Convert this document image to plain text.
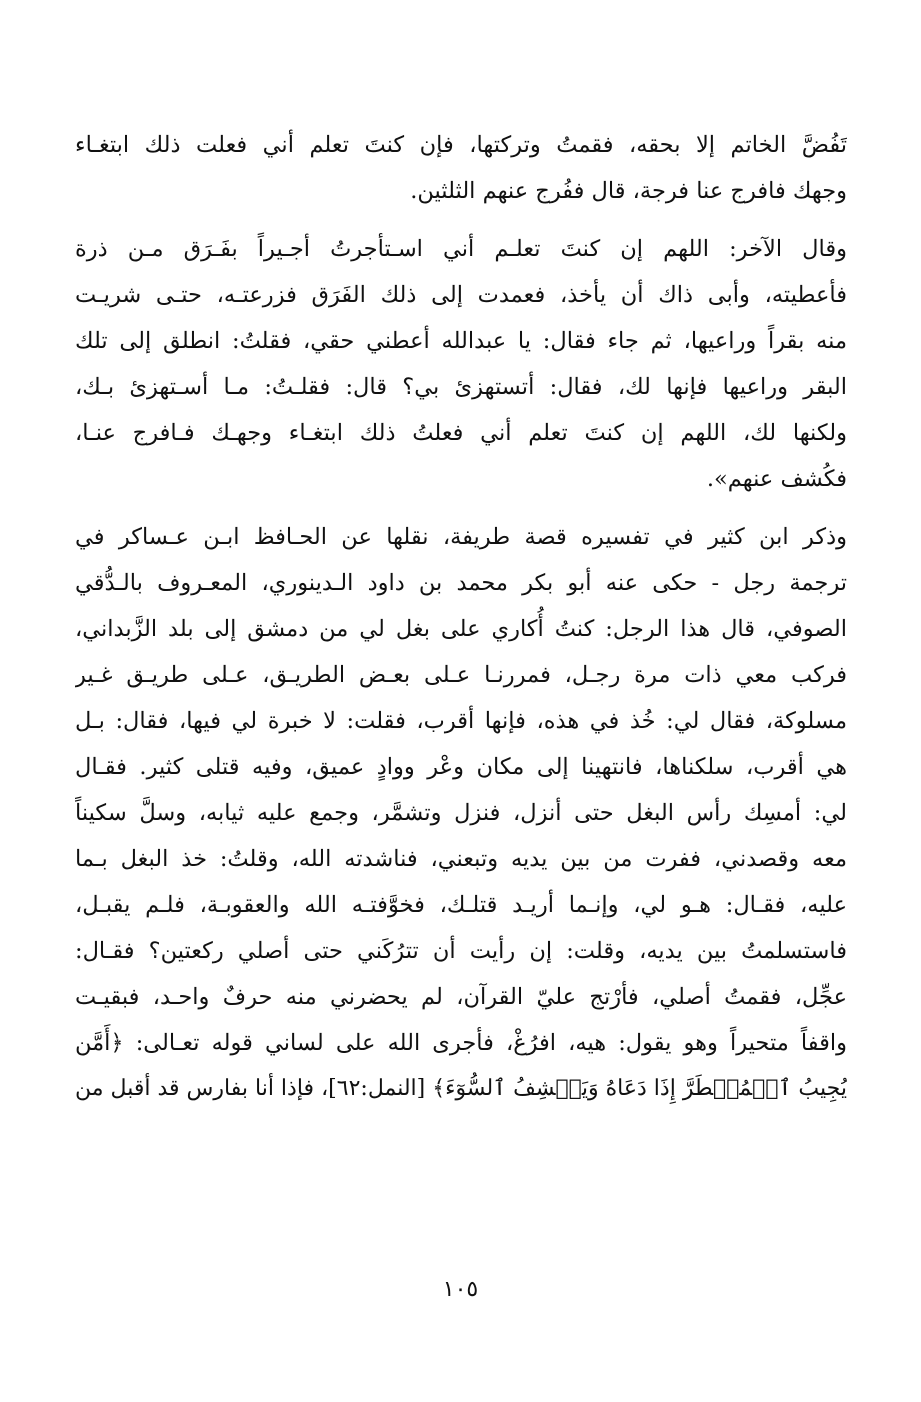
تَفُضَّ الخاتم إلا بحقه، فقمتُ وتركتها، فإن كنتَ تعلم أني فعلت ذلك ابتغـاء
وجهك فافرج عنا فرجة، قال ففُرج عنهم الثلثين.
وقال الآخر: اللهم إن كنتَ تعلـم أني اسـتأجرتُ أجـيراً بفَـرَق مـن ذرة
فأعطيته، وأبى ذاك أن يأخذ، فعمدت إلى ذلك الفَرَق فزرعتـه، حتـى شريـت
منه بقراً وراعيها، ثم جاء فقال: يا عبدالله أعطني حقي، فقلتُ: انطلق إلى تلك
البقر وراعيها فإنها لك، فقال: أتستهزئ بي؟ قال: فقلـتُ: مـا أسـتهزئ بـك،
ولكنها لك، اللهم إن كنتَ تعلم أني فعلتُ ذلك ابتغـاء وجهـك فـافرج عنـا،
فكُشف عنهم».
وذكر ابن كثير في تفسيره قصة طريفة، نقلها عن الحـافظ ابـن عـساكر في
ترجمة رجل - حكى عنه أبو بكر محمد بن داود الـدينوري، المعـروف بالـدُّقي
الصوفي، قال هذا الرجل: كنتُ أُكاري على بغل لي من دمشق إلى بلد الزَّبداني،
فركب معي ذات مرة رجـل، فمررنـا عـلى بعـض الطريـق، عـلى طريـق غـير
مسلوكة، فقال لي: خُذ في هذه، فإنها أقرب، فقلت: لا خبرة لي فيها، فقال: بـل
هي أقرب، سلكناها، فانتهينا إلى مكان وعْر ووادٍ عميق، وفيه قتلى كثير. فقـال
لي: أمسِك رأس البغل حتى أنزل، فنزل وتشمَّر، وجمع عليه ثيابه، وسلَّ سكيناً
معه وقصدني، ففرت من بين يديه وتبعني، فناشدته الله، وقلتُ: خذ البغل بـما
عليه، فقـال: هـو لي، وإنـما أريـد قتلـك، فخوَّفتـه الله والعقوبـة، فلـم يقبـل،
فاستسلمتُ بين يديه، وقلت: إن رأيت أن تترُكَني حتى أصلي ركعتين؟ فقـال:
عجِّل، فقمتُ أصلي، فأرْتج عليّ القرآن، لم يحضرني منه حرفٌ واحـد، فبقيـت
واقفاً متحيراً وهو يقول: هيه، افرُغْ، فأجرى الله على لساني قوله تعـالى: ﴿أَمَّن
يُجِيبُ ٱلۡمُضۡطَرَّ إِذَا دَعَاهُ وَيَكۡشِفُ ٱلسُّوٓءَ﴾ [النمل:٦٢]، فإذا أنا بفارس قد أقبل من
١٠٥
